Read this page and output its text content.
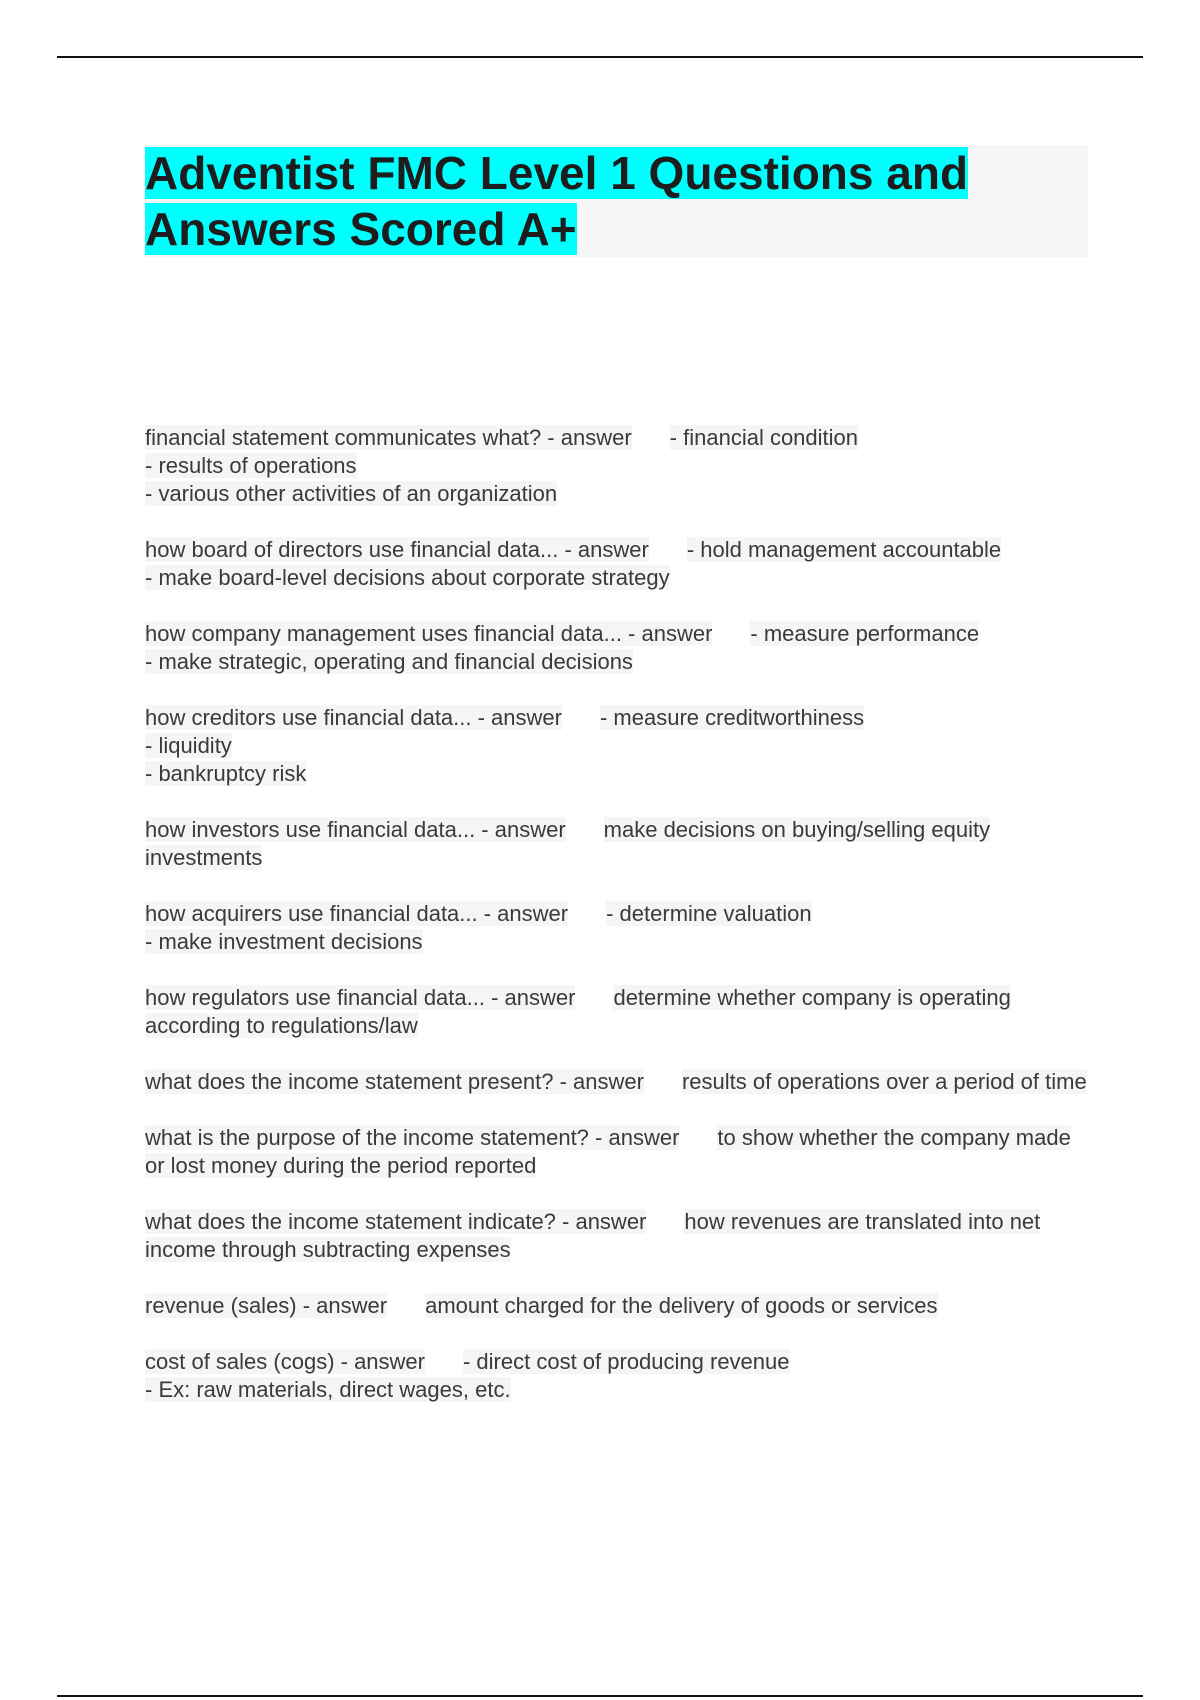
Adventist FMC Level 1 Questions and Answers Scored A+
financial statement communicates what? - answer - financial condition
- results of operations
- various other activities of an organization
how board of directors use financial data... - answer - hold management accountable
- make board-level decisions about corporate strategy
how company management uses financial data... - answer - measure performance
- make strategic, operating and financial decisions
how creditors use financial data... - answer - measure creditworthiness
- liquidity
- bankruptcy risk
how investors use financial data... - answer make decisions on buying/selling equity investments
how acquirers use financial data... - answer - determine valuation
- make investment decisions
how regulators use financial data... - answer determine whether company is operating according to regulations/law
what does the income statement present? - answer results of operations over a period of time
what is the purpose of the income statement? - answer to show whether the company made or lost money during the period reported
what does the income statement indicate? - answer how revenues are translated into net income through subtracting expenses
revenue (sales) - answer amount charged for the delivery of goods or services
cost of sales (cogs) - answer - direct cost of producing revenue
- Ex: raw materials, direct wages, etc.
